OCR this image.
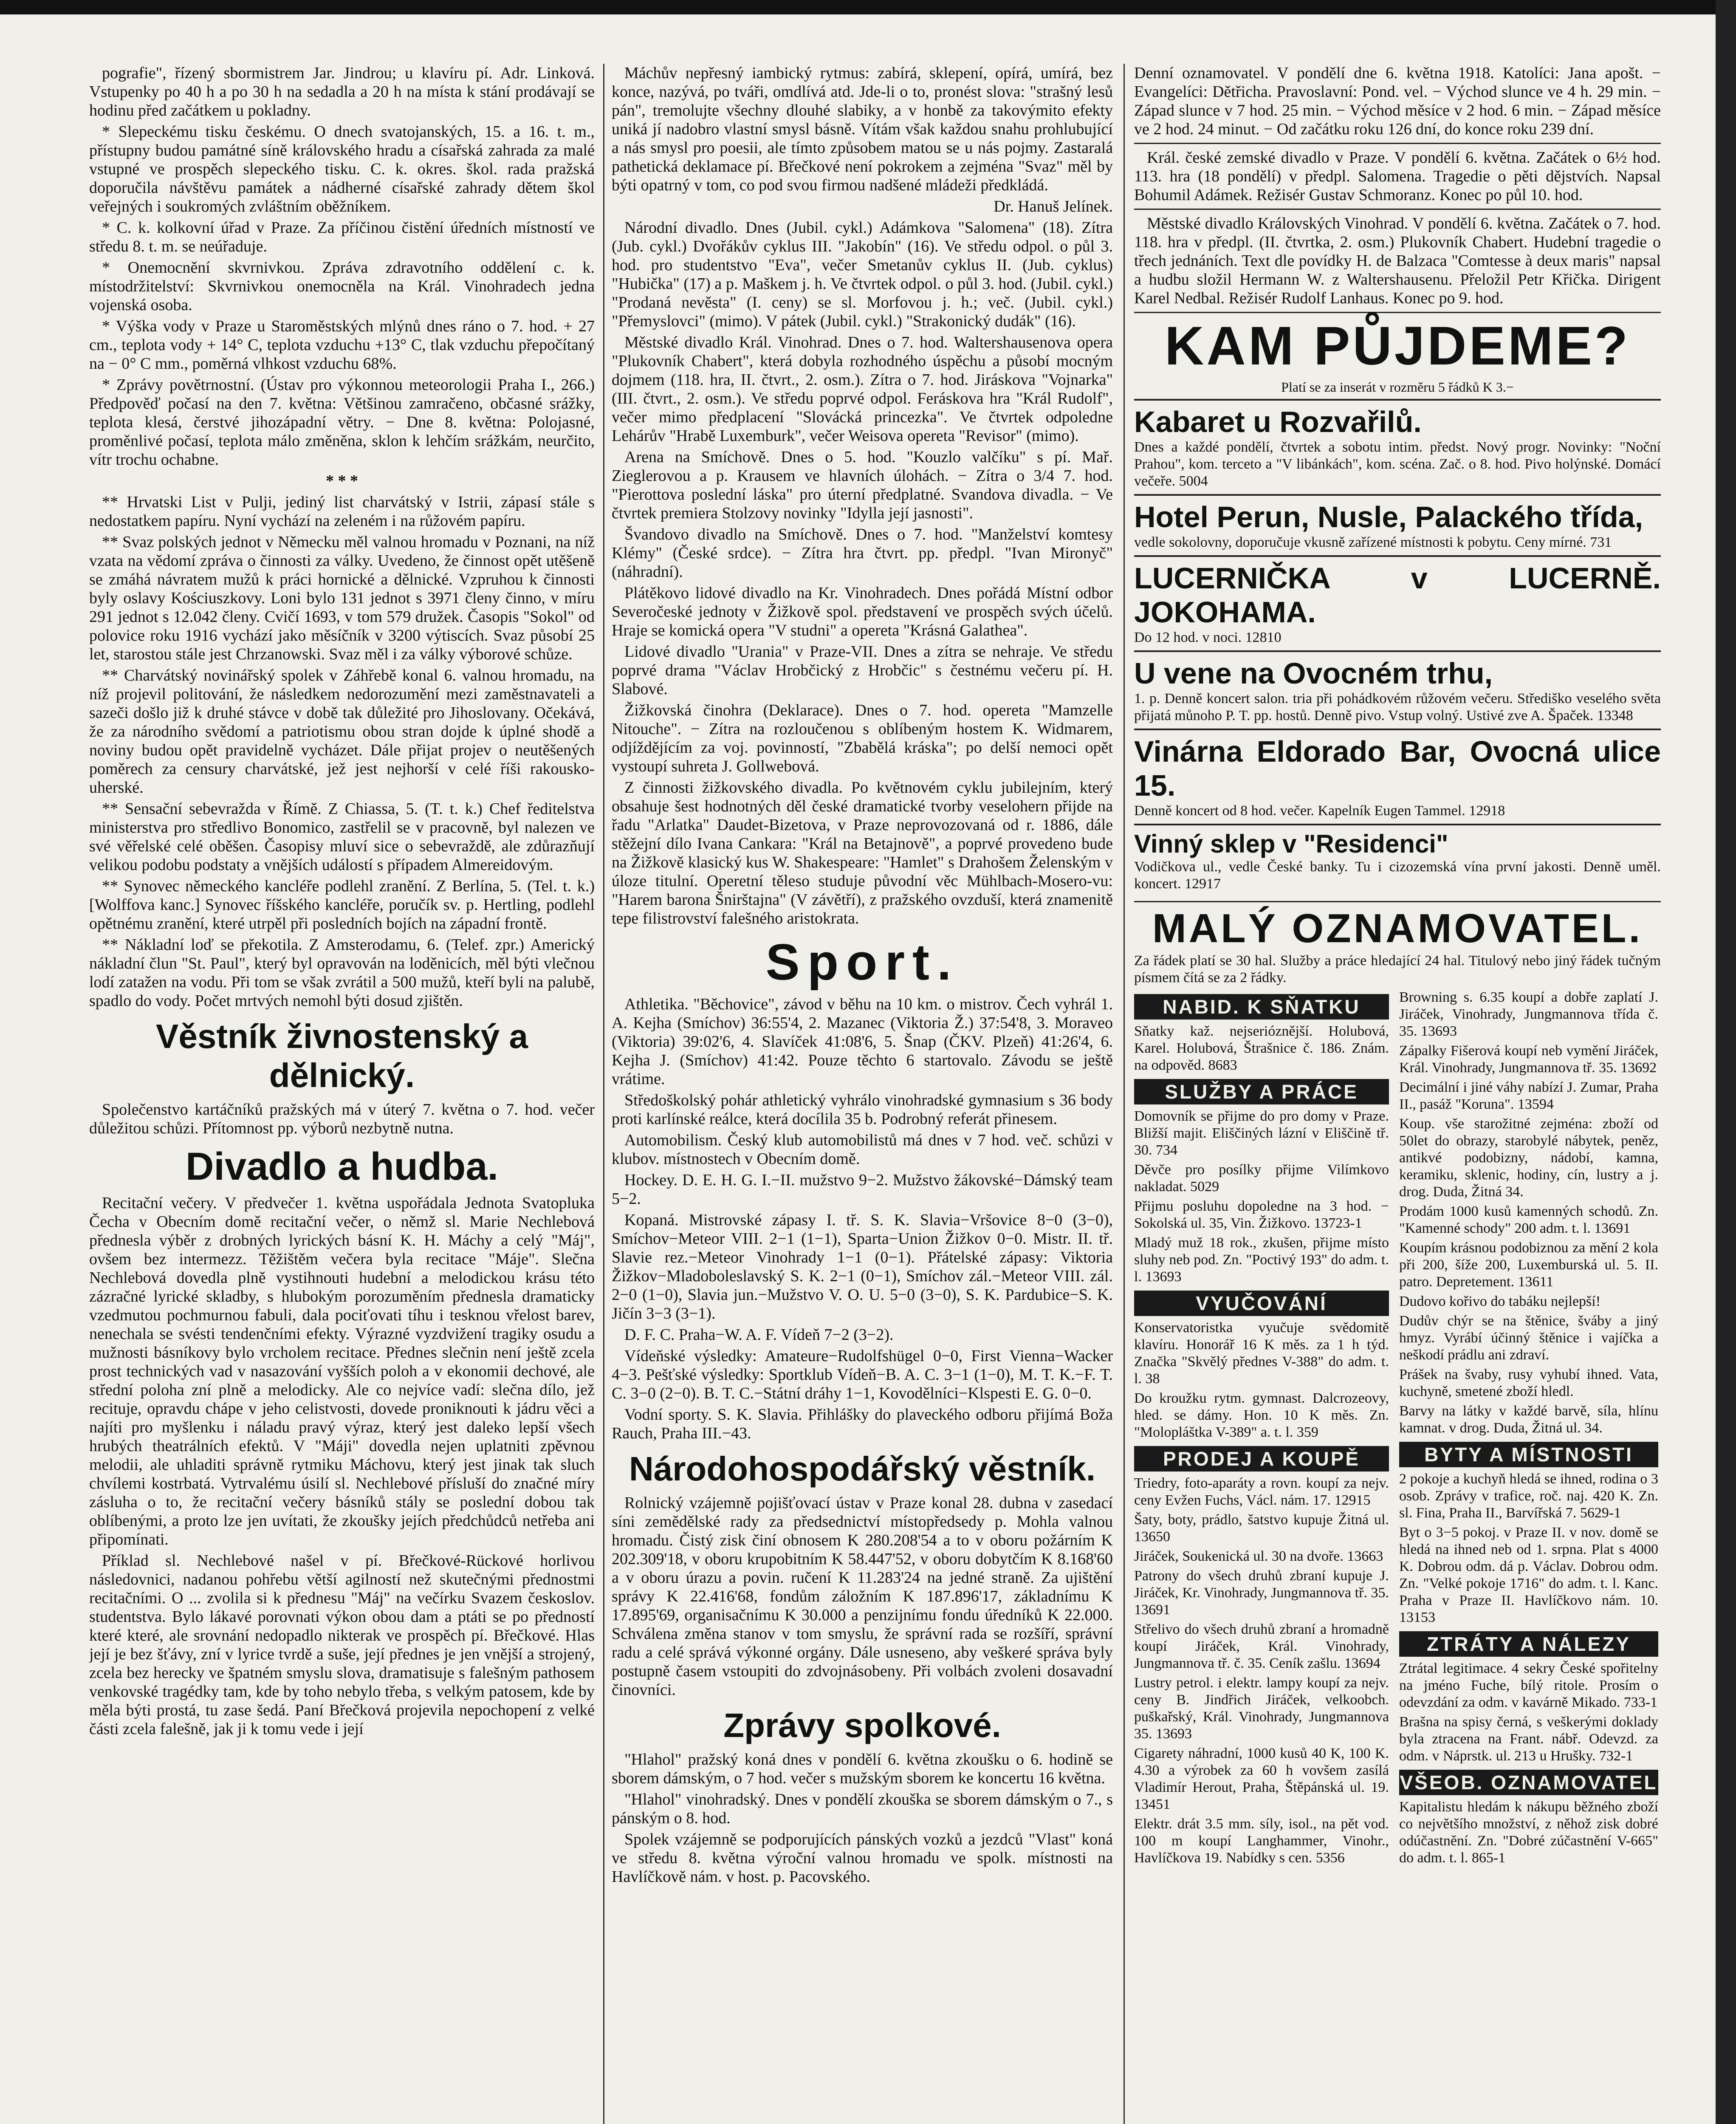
pografie", řízený sbormistrem Jar. Jindrou; u klavíru pí. Adr. Linková. Vstupenky po 40 h a po 30 h na sedadla a 20 h na místa k stání prodávají se hodinu před začátkem u pokladny.

* Slepeckému tisku českému. O dnech svatojanských, 15. a 16. t. m., přístupny budou památné síně královského hradu a císařská zahrada za malé vstupné ve prospěch slepeckého tisku. C. k. okres. škol. rada pražská doporučila návštěvu památek a nádherné císařské zahrady dětem škol veřejných i soukromých zvláštním oběžníkem.

* C. k. kolkovní úřad v Praze. Za příčinou čistění úředních místností ve středu 8. t. m. se neúřaduje.

* Onemocnění skvrnivkou. Zpráva zdravotního oddělení c. k. místodržitelství: Skvrnivkou onemocněla na Král. Vinohradech jedna vojenská osoba.

* Výška vody v Praze u Staroměstských mlýnů dnes ráno o 7. hod. + 27 cm., teplota vody + 14° C, teplota vzduchu +13° C, tlak vzduchu přepočítaný na − 0° C mm., poměrná vlhkost vzduchu 68%.

* Zprávy povětrnostní. (Ústav pro výkonnou meteorologii Praha I., 266.) Předpověď počasí na den 7. května: Většinou zamračeno, občasné srážky, teplota klesá, čerstvé jihozápadní větry. − Dne 8. května: Polojasné, proměnlivé počasí, teplota málo změněna, sklon k lehčím srážkám, neurčito, vítr trochu ochabne.

* * *

** Hrvatski List v Pulji, jediný list charvátský v Istrii, zápasí stále s nedostatkem papíru. Nyní vychází na zeleném i na růžovém papíru.

** Svaz polských jednot v Německu měl valnou hromadu v Poznani, na níž vzata na vědomí zpráva o činnosti za války. Uvedeno, že činnost opět utěšeně se zmáhá návratem mužů k práci hornické a dělnické. Vzpruhou k činnosti byly oslavy Kościuszkovy. Loni bylo 131 jednot s 3971 členy činno, v míru 291 jednot s 12.042 členy. Cvičí 1693, v tom 579 družek. Časopis "Sokol" od polovice roku 1916 vychází jako měsíčník v 3200 výtiscích. Svaz působí 25 let, starostou stále jest Chrzanowski. Svaz měl i za války výborové schůze.

** Charvátský novinářský spolek v Záhřebě konal 6. valnou hromadu, na níž projevil politování, že následkem nedorozumění mezi zaměstnavateli a sazeči došlo již k druhé stávce v době tak důležité pro Jihoslovany. Očekává, že za národního svědomí a patriotismu obou stran dojde k úplné shodě a noviny budou opět pravidelně vycházet. Dále přijat projev o neutěšených poměrech za censury charvátské, jež jest nejhorší v celé říši rakousko-uherské.

** Sensační sebevražda v Římě. Z Chiassa, 5. (T. t. k.) Chef ředitelstva ministerstva pro středlivo Bonomico, zastřelil se v pracovně, byl nalezen ve své věřelské celé oběšen. Časopisy mluví sice o sebevraždě, ale zdůrazňují velikou podobu podstaty a vnějších událostí s případem Almereidovým.

** Synovec německého kancléře podlehl zranění. Z Berlína, 5. (Tel. t. k.) [Wolffova kanc.] Synovec říšského kancléře, poručík sv. p. Hertling, podlehl opětnému zranění, které utrpěl při posledních bojích na západní frontě.

** Nákladní loď se překotila. Z Amsterodamu, 6. (Telef. zpr.) Americký nákladní člun "St. Paul", který byl opravován na loděnicích, měl býti vlečnou lodí zatažen na vodu. Při tom se však zvrátil a 500 mužů, kteří byli na palubě, spadlo do vody. Počet mrtvých nemohl býti dosud zjištěn.

Věstník živnostenský a dělnický.

Společenstvo kartáčníků pražských má v úterý 7. května o 7. hod. večer důležitou schůzi. Přítomnost pp. výborů nezbytně nutna.

Divadlo a hudba.

Recitační večery. V předvečer 1. května uspořádala Jednota Svatopluka Čecha v Obecním domě recitační večer, o němž sl. Marie Nechlebová přednesla výběr z drobných lyrických básní K. H. Máchy a celý "Máj", ovšem bez intermezz. Těžištěm večera byla recitace "Máje". Slečna Nechlebová dovedla plně vystihnouti hudební a melodickou krásu této zázračné lyrické skladby, s hlubokým porozuměním přednesla dramaticky vzedmutou pochmurnou fabuli, dala pociťovati tíhu i tesknou vřelost barev, nenechala se svésti tendenčními efekty. Výrazné vyzdvižení tragiky osudu a mužnosti básníkovy bylo vrcholem recitace. Přednes slečnin není ještě zcela prost technických vad v nasazování vyšších poloh a v ekonomii dechové, ale střední poloha zní plně a melodicky. Ale co nejvíce vadí: slečna dílo, jež recituje, opravdu chápe v jeho celistvosti, dovede proniknouti k jádru věci a najíti pro myšlenku i náladu pravý výraz, který jest daleko lepší všech hrubých theatrálních efektů. V "Máji" dovedla nejen uplatniti zpěvnou melodii, ale uhladiti správně rytmiku Máchovu, který jest jinak tak sluch chvílemi kostrbatá. Vytrvalému úsilí sl. Nechlebové přísluší do značné míry zásluha o to, že recitační večery básníků stály se poslední dobou tak oblíbenými, a proto lze jen uvítati, že zkoušky jejích předchůdců netřeba ani připomínati.

Příklad sl. Nechlebové našel v pí. Břečkové-Rückové horlivou následovnici, nadanou pohřebu větší agilností než skutečnými přednostmi recitačními. O ... zvolila si k přednesu "Máj" na večírku Svazem českoslov. studentstva. Bylo lákavé porovnati výkon obou dam a ptáti se po předností které které, ale srovnání nedopadlo nikterak ve prospěch pí. Břečkové. Hlas její je bez šťávy, zní v lyrice tvrdě a suše, její přednes je jen vnější a strojený, zcela bez herecky ve špatném smyslu slova, dramatisuje s falešným pathosem venkovské tragédky tam, kde by toho nebylo třeba, s velkým patosem, kde by měla býti prostá, tu zase šedá. Paní Břečková projevila nepochopení z velké části zcela falešně, jak ji k tomu vede i její

Máchův nepřesný iambický rytmus: zabírá, sklepení, opírá, umírá, bez konce, nazývá, po tváři, omdlívá atd. Jde-li o to, pronést slova: "strašný lesů pán", tremolujte všechny dlouhé slabiky, a v honbě za takovýmito efekty uniká jí nadobro vlastní smysl básně. Vítám však každou snahu prohlubující a nás smysl pro poesii, ale tímto způsobem matou se u nás pojmy. Zastaralá pathetická deklamace pí. Břečkové není pokrokem a zejména "Svaz" měl by býti opatrný v tom, co pod svou firmou nadšené mládeži předkládá.

Dr. Hanuš Jelínek.

Národní divadlo. Dnes (Jubil. cykl.) Adámkova "Salomena" (18). Zítra (Jub. cykl.) Dvořákův cyklus III. "Jakobín" (16). Ve středu odpol. o půl 3. hod. pro studentstvo "Eva", večer Smetanův cyklus II. (Jub. cyklus) "Hubička" (17) a p. Maškem j. h. Ve čtvrtek odpol. o půl 3. hod. (Jubil. cykl.) "Prodaná nevěsta" (I. ceny) se sl. Morfovou j. h.; več. (Jubil. cykl.) "Přemyslovci" (mimo). V pátek (Jubil. cykl.) "Strakonický dudák" (16).

Městské divadlo Král. Vinohrad. Dnes o 7. hod. Waltershausenova opera "Plukovník Chabert", která dobyla rozhodného úspěchu a působí mocným dojmem (118. hra, II. čtvrt., 2. osm.). Zítra o 7. hod. Jiráskova "Vojnarka" (III. čtvrt., 2. osm.). Ve středu poprvé odpol. Feráskova hra "Král Rudolf", večer mimo předplacení "Slovácká princezka". Ve čtvrtek odpoledne Lehárův "Hrabě Luxemburk", večer Weisova opereta "Revisor" (mimo).

Arena na Smíchově. Dnes o 5. hod. "Kouzlo valčíku" s pí. Mař. Zieglerovou a p. Krausem ve hlavních úlohách. − Zítra o 3/4 7. hod. "Pierottova poslední láska" pro úterní předplatné. Svandova divadla. − Ve čtvrtek premiera Stolzovy novinky "Idylla její jasnosti".

Švandovo divadlo na Smíchově. Dnes o 7. hod. "Manželství komtesy Klémy" (České srdce). − Zítra hra čtvrt. pp. předpl. "Ivan Mironyč" (náhradní).

Plátěkovo lidové divadlo na Kr. Vinohradech. Dnes pořádá Místní odbor Severočeské jednoty v Žižkově spol. představení ve prospěch svých účelů. Hraje se komická opera "V studni" a opereta "Krásná Galathea".

Lidové divadlo "Urania" v Praze-VII. Dnes a zítra se nehraje. Ve středu poprvé drama "Václav Hrobčický z Hrobčic" s čestnému večeru pí. H. Slabové.

Žižkovská činohra (Deklarace). Dnes o 7. hod. opereta "Mamzelle Nitouche". − Zítra na rozloučenou s oblíbeným hostem K. Widmarem, odjíždějícím za voj. povinností, "Zbabělá kráska"; po delší nemoci opět vystoupí suhreta J. Gollwebová.

Z činnosti žižkovského divadla. Po květnovém cyklu jubilejním, který obsahuje šest hodnotných děl české dramatické tvorby veselohern přijde na řadu "Arlatka" Daudet-Bizetova, v Praze neprovozovaná od r. 1886, dále stěžejní dílo Ivana Cankara: "Král na Betajnově", a poprvé provedeno bude na Žižkově klasický kus W. Shakespeare: "Hamlet" s Drahošem Želenským v úloze titulní. Operetní těleso studuje původní věc Mühlbach-Mosero-vu: "Harem barona Šnirštajna" (V závětří), z pražského ovzduší, která znamenitě tepe filistrovství falešného aristokrata.

Sport.

Athletika. "Běchovice", závod v běhu na 10 km. o mistrov. Čech vyhrál 1. A. Kejha (Smíchov) 36:55'4, 2. Mazanec (Viktoria Ž.) 37:54'8, 3. Moraveo (Viktoria) 39:02'6, 4. Slavíček 41:08'6, 5. Šnap (ČKV. Plzeň) 41:26'4, 6. Kejha J. (Smíchov) 41:42. Pouze těchto 6 startovalo. Závodu se ještě vrátime.

Středoškolský pohár athletický vyhrálo vinohradské gymnasium s 36 body proti karlínské reálce, která docílila 35 b. Podrobný referát přinesem.

Automobilism. Český klub automobilistů má dnes v 7 hod. več. schůzi v klubov. místnostech v Obecním domě.

Hockey. D. E. H. G. I.−II. mužstvo 9−2. Mužstvo žákovské−Dámský team 5−2.

Kopaná. Mistrovské zápasy I. tř. S. K. Slavia−Vršovice 8−0 (3−0), Smíchov−Meteor VIII. 2−1 (1−1), Sparta−Union Žižkov 0−0. Mistr. II. tř. Slavie rez.−Meteor Vinohrady 1−1 (0−1). Přátelské zápasy: Viktoria Žižkov−Mladoboleslavský S. K. 2−1 (0−1), Smíchov zál.−Meteor VIII. zál. 2−0 (1−0), Slavia jun.−Mužstvo V. O. U. 5−0 (3−0), S. K. Pardubice−S. K. Jičín 3−3 (3−1).

D. F. C. Praha−W. A. F. Vídeň 7−2 (3−2).

Vídeňské výsledky: Amateure−Rudolfshügel 0−0, First Vienna−Wacker 4−3. Pešťské výsledky: Sportklub Vídeň−B. A. C. 3−1 (1−0), M. T. K.−F. T. C. 3−0 (2−0). B. T. C.−Státní dráhy 1−1, Kovodělníci−Klspesti E. G. 0−0.

Vodní sporty. S. K. Slavia. Přihlášky do plaveckého odboru přijímá Boža Rauch, Praha III.−43.

Národohospodářský věstník.

Rolnický vzájemně pojišťovací ústav v Praze konal 28. dubna v zasedací síni zemědělské rady za předsednictví místopředsedy p. Mohla valnou hromadu. Čistý zisk činí obnosem K 280.208'54 a to v oboru požárním K 202.309'18, v oboru krupobitním K 58.447'52, v oboru dobytčím K 8.168'60 a v oboru úrazu a povin. ručení K 11.283'24 na jedné straně. Za ujištění správy K 22.416'68, fondům záložním K 187.896'17, základnímu K 17.895'69, organisačnímu K 30.000 a penzijnímu fondu úředníků K 22.000. Schválena změna stanov v tom smyslu, že správní rada se rozšíří, správní radu a celé správá výkonné orgány. Dále usneseno, aby veškeré správa byly postupně časem vstoupiti do zdvojnásobeny. Při volbách zvoleni dosavadní činovníci.

Zprávy spolkové.

"Hlahol" pražský koná dnes v pondělí 6. května zkoušku o 6. hodině se sborem dámským, o 7 hod. večer s mužským sborem ke koncertu 16 května.

"Hlahol" vinohradský. Dnes v pondělí zkouška se sborem dámským o 7., s pánským o 8. hod.

Spolek vzájemně se podporujících pánských vozků a jezdců "Vlast" koná ve středu 8. května výroční valnou hromadu ve spolk. místnosti na Havlíčkově nám. v host. p. Pacovského.

Denní oznamovatel. V pondělí dne 6. května 1918. Katolíci: Jana apošt. − Evangelíci: Dětřicha. Pravoslavní: Pond. vel. − Východ slunce ve 4 h. 29 min. − Západ slunce v 7 hod. 25 min. − Východ měsíce v 2 hod. 6 min. − Západ měsíce ve 2 hod. 24 minut. − Od začátku roku 126 dní, do konce roku 239 dní.

Král. české zemské divadlo v Praze. V pondělí 6. května. Začátek o 6½ hod. 113. hra (18 pondělí) v předpl. Salomena. Tragedie o pěti dějstvích. Napsal Bohumil Adámek. Režisér Gustav Schmoranz. Konec po půl 10. hod.

Městské divadlo Královských Vinohrad. V pondělí 6. května. Začátek o 7. hod. 118. hra v předpl. (II. čtvrtka, 2. osm.) Plukovník Chabert. Hudební tragedie o třech jednáních. Text dle povídky H. de Balzaca "Comtesse à deux maris" napsal a hudbu složil Hermann W. z Waltershausenu. Přeložil Petr Křička. Dirigent Karel Nedbal. Režisér Rudolf Lanhaus. Konec po 9. hod.

KAM PŮJDEME?
Platí se za inserát v rozměru 5 řádků K 3.−
Kabaret u Rozvařilů.
Dnes a každé pondělí, čtvrtek a sobotu intim. předst. Nový progr. Novinky: "Noční Prahou", kom. terceto a "V libánkách", kom. scéna. Zač. o 8. hod. Pivo holýnské. Domácí večeře. 5004
Hotel Perun, Nusle, Palackého třída,
vedle sokolovny, doporučuje vkusně zařízené místnosti k pobytu. Ceny mírné. 731
LUCERNIČKA v LUCERNĚ. JOKOHAMA.
Do 12 hod. v noci. 12810
U vene na Ovocném trhu,
1. p. Denně koncert salon. tria při pohádkovém růžovém večeru. Střediško veselého světa přijatá můnoho P. T. pp. hostů. Denně pivo. Vstup volný. Ustivé zve A. Špaček. 13348
Vinárna Eldorado Bar, Ovocná ulice 15.
Denně koncert od 8 hod. večer. Kapelník Eugen Tammel. 12918
Vinný sklep v "Residenci"
Vodičkova ul., vedle České banky. Tu i cizozemská vína první jakosti. Denně uměl. koncert. 12917
MALÝ OZNAMOVATEL.

Za řádek platí se 30 hal. Služby a práce hledající 24 hal. Titulový nebo jiný řádek tučným písmem čítá se za 2 řádky.

NABID. K SŇATKU

Sňatky kaž. nejserióznější. Holubová, Karel. Holubová, Štrašnice č. 186. Znám. na odpověd. 8683

SLUŽBY A PRÁCE

Domovník se přijme do pro domy v Praze. Bližší majit. Eliščiných lázní v Eliščině tř. 30. 734

Děvče pro posílky přijme Vilímkovo nakladat. 5029

Přijmu posluhu dopoledne na 3 hod. − Sokolská ul. 35, Vin. Žižkovo. 13723-1

Mladý muž 18 rok., zkušen, přijme místo sluhy neb pod. Zn. "Poctivý 193" do adm. t. l. 13693

VYUČOVÁNÍ

Konservatoristka vyučuje svědomitě klavíru. Honorář 16 K měs. za 1 h týd. Značka "Skvělý přednes V-388" do adm. t. l. 38

Do kroužku rytm. gymnast. Dalcrozeovy, hled. se dámy. Hon. 10 K měs. Zn. "Molopláštka V-389" a. t. l. 359

PRODEJ A KOUPĚ

Triedry, foto-aparáty a rovn. koupí za nejv. ceny Evžen Fuchs, Václ. nám. 17. 12915

Šaty, boty, prádlo, šatstvo kupuje Žitná ul. 13650

Jiráček, Soukenická ul. 30 na dvoře. 13663

Patrony do všech druhů zbraní kupuje J. Jiráček, Kr. Vinohrady, Jungmannova tř. 35. 13691

Střelivo do všech druhů zbraní a hromadně koupí Jiráček, Král. Vinohrady, Jungmannova tř. č. 35. Ceník zašlu. 13694

Lustry petrol. i elektr. lampy koupí za nejv. ceny B. Jindřich Jiráček, velkoobch. puškařský, Král. Vinohrady, Jungmannova 35. 13693

Cigarety náhradní, 1000 kusů 40 K, 100 K. 4.30 a výrobek za 60 h vovšem zasílá Vladimír Herout, Praha, Štěpánská ul. 19. 13451

Elektr. drát 3.5 mm. síly, isol., na pět vod. 100 m koupí Langhammer, Vinohr., Havlíčkova 19. Nabídky s cen. 5356

Browning s. 6.35 koupí a dobře zaplatí J. Jiráček, Vinohrady, Jungmannova třída č. 35. 13693

Zápalky Fišerová koupí neb vymění Jiráček, Král. Vinohrady, Jungmannova tř. 35. 13692

Decimální i jiné váhy nabízí J. Zumar, Praha II., pasáž "Koruna". 13594

Koup. vše starožitné zejména: zboží od 50let do obrazy, starobylé nábytek, peněz, antikvé podobizny, nádobí, kamna, keramiku, sklenic, hodiny, cín, lustry a j. drog. Duda, Žitná 34.

Prodám 1000 kusů kamenných schodů. Zn. "Kamenné schody" 200 adm. t. l. 13691

Koupím krásnou podobiznou za mění 2 kola při 200, šíže 200, Luxemburská ul. 5. II. patro. Depretement. 13611

Dudovo kořivo do tabáku nejlepší!

Dudův chýr se na štěnice, šváby a jiný hmyz. Vyrábí účinný štěnice i vajíčka a neškodí prádlu ani zdraví.

Prášek na švaby, rusy vyhubí ihned. Vata, kuchyně, smetené zboží hledl.

Barvy na látky v každé barvě, síla, hlínu kamnat. v drog. Duda, Žitná ul. 34.

BYTY A MÍSTNOSTI

2 pokoje a kuchyň hledá se ihned, rodina o 3 osob. Zprávy v trafice, roč. naj. 420 K. Zn. sl. Fina, Praha II., Barvířská 7. 5629-1

Byt o 3−5 pokoj. v Praze II. v nov. domě se hledá na ihned neb od 1. srpna. Plat s 4000 K. Dobrou odm. dá p. Václav. Dobrou odm. Zn. "Velké pokoje 1716" do adm. t. l. Kanc. Praha v Praze II. Havlíčkovo nám. 10. 13153

ZTRÁTY A NÁLEZY

Ztrátal legitimace. 4 sekry České spořitelny na jméno Fuche, bílý ritole. Prosím o odevzdání za odm. v kavárně Mikado. 733-1

Brašna na spisy černá, s veškerými doklady byla ztracena na Frant. nábř. Odevzd. za odm. v Náprstk. ul. 213 u Hrušky. 732-1

VŠEOB. OZNAMOVATEL

Kapitalistu hledám k nákupu běžného zboží co největšího množství, z něhož zisk dobré odúčastnění. Zn. "Dobré zúčastnění V-665" do adm. t. l. 865-1
